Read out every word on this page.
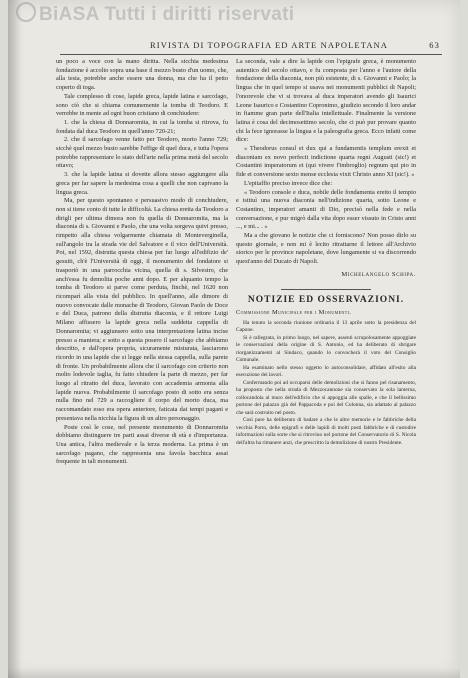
BiASA Tutti i diritti riservati
RIVISTA DI TOPOGRAFIA ED ARTE NAPOLETANA	63

un poco a voce con la mano diritta. Nella sicchia medesima fondazione è accolto sopra una base il mezzo busto d'un uomo, che, alla testa, potrebbe anche essere una donna, ma che ha il petto coperto di toga.

Tale complesso di cose, lapide greca, lapide latina e sarcofago, sono ciò che si chiama comunemente la tomba di Teodoro. E verrebbe in mente ad ogni buon cristiano di conchiudere:

1. che la chiesa di Donnaromita, in cui la tomba si ritrova, fu fondata dal duca Teodoro in quell'anno 720-21;

2. che il sarcofago venne fatto per Teodoro, morto l'anno 729; sicchè quel mezzo busto sarebbe l'effige di quel duca, e tutta l'opera potrebbe rappresentare lo stato dell'arte nella prima metà del secolo ottavo;

3. che la lapide latina si dovette allora stesso aggiungere alla greca per far sapere la medesima cosa a quelli che non capivano la lingua greca.

Ma, per questo spontaneo e persuasivo modo di conchiudere, non si tiene conto di tutte le difficoltà. La chiesa eretta da Teodoro a dirigli per ultima dimora non fu quella di Donnaromita, ma la diaconia di s. Giovanni e Paolo, che una volta sorgeva quivi presso, rimpetto alla chiesa volgarmente chiamata di Monteverginella, sull'angolo tra la strada vie del Salvatore e il vico dell'Università. Poi, nel 1592, distrutta questa chiesa per far luogo all'edifizio de' gesuiti, ch'è l'Università di oggi, il monumento del fondatore si trasportò in una parrocchia vicina, quella di s. Silvestro, che anch'essa fu demolita poche anni dopo. E per alquanto tempo la tomba di Teodoro si parve come perduta, finchè, nel 1620 non ricomparì alla vista del pubblico. In quell'anno, alle dimore di nuovo convocate dalle monache di Teodoro, Giovan Paolo de Doce e del Duca, patrono della distrutta diaconia, e il rettore Luigi Milano affissero la lapide greca nella suddetta cappella di Donnaromita; vi aggiunsero sotto una interpretazione latina incise presso a maniera; e sotto a questa posero il sarcofago che abbiamo descritto, e dall'opera propria, sicuramente misturata, lasciarono ricordo in una lapide che si legge nella stessa cappella, sulla parete di fronte. Un probabilmente allora che il sarcofago con criterio non molto lodevole taglia, fu fatto chiudere la parte di mezzo, per far luogo al ritratto del duca, lavorato con accademia armonia alla lapide nuova. Probabilmente il sarcofago posto di sotto era senza nulla fino nel 729 a raccogliere il corpo del morto duca, ma raccomandato esso era opera anteriore, faticata dai tempi pagani e presentava nella nicchia la figura di un altro personaggio.

Poste così le cose, nel presente monumento di Donnaromita dobbiamo distinguere tre parti assai diverse di età e d'importanza. Una antica, l'altra medievale e la terza moderna. La prima è un sarcofago pagano, che rappresenta una favola bacchica assai frequente in tali monumenti.

La seconda, vale a dire la lapide con l'epigrafe greca, è monumento autentico del secolo ottavo, e fu composta per l'anno e l'autore della fondazione della diaconia, non più esistente, di s. Giovanni e Paolo; la lingua che in quel tempo si usava nei monumenti pubblici di Napoli; l'onorevole che vi si trovava al duca imperatori avendo gli Isaurici Leone Isaurico e Costantino Copronimo, giudizio secondo il loro andar in fiamme gran parte dell'Italia intellettuale. Finalmente la versione latina è cosa del decimosettimo secolo, che ci può pur provare quanto chi la fece ignorasse la lingua e la paleografia greca. Ecco infatti come dice:

« Theodorus consul et dux qui a fundamentis templum erexit et diaconiam ex novo perfecit indictione quarta regni Augusti (sic!) et Costantini imperatorum et (qui vivere f'imbroglio) regnum qui pio in fide et conversione sexto mense ecclesia vixit Christo anno XI (sic!). »

L'epitaffio preciso invece dice che:

« Teodoro console e duca, nobile delle fondamenta eretto il tempio e istituì una nuova diaconia nell'indizione quarta, sotto Leone e Costantino, imperatori amanti di Dio, precisò nella fede e nella conversazione, e pur migrò dalla vita dopo esser vissuto in Cristo anni ..., e mi... . »

Ma a che giovano le notizie che ci forniscono? Non posso dirlo su questo giornale, e non mi è lecito ritrattarne il lettore all'Archivio storico per le province napoletane, dove lungamente si va discorrendo quest'anno del Ducato di Napoli.

Michelangelo Schipa.
NOTIZIE ED OSSERVAZIONI.
Commissione Municipale per i Monumenti.

Ha tenuto la seconda riunione ordinaria il 13 aprile sotto la presidenza del Capone.

Si è rallegrata, in primo luogo, nel sapere, assenti scrupolosamente appoggiate le conservazioni della origine di S. Antonio, ed ha deliberato di sbrigare riorganizzamenti al Sindaco, quando lo convocherà il voto del Consiglio Comunale.

Ha esaminato nello stesso oggetto lo autoconsolidare, affidato all'esito alla esecuzione dei lavori.

Confermando poi ad occuparsi delle demolizioni che si fanno pel risanamento, ha proposto che nella strada di Mezzocannone sia conservato la sola lanterna, collocandola al muro dell'edificio che si appoggia alle spalle, e che il bellissimo portone del palazzo già del Pappacoda e poi del Colonna, sia adattato al palazzo che sarà costruito nel posto.

Così pure ha deliberato di badare a che le altre memorie e le fabbriche della vecchia Porto, delle epigrafi e delle lapidi di molti posti fabbriche e di custodire informazioni sulla sorte che si ritrovino nel portone del Conservatorio di S. Nicola dell'altra ha rimanere anzi, che prescritto la demolizione di nostro Presidente.
